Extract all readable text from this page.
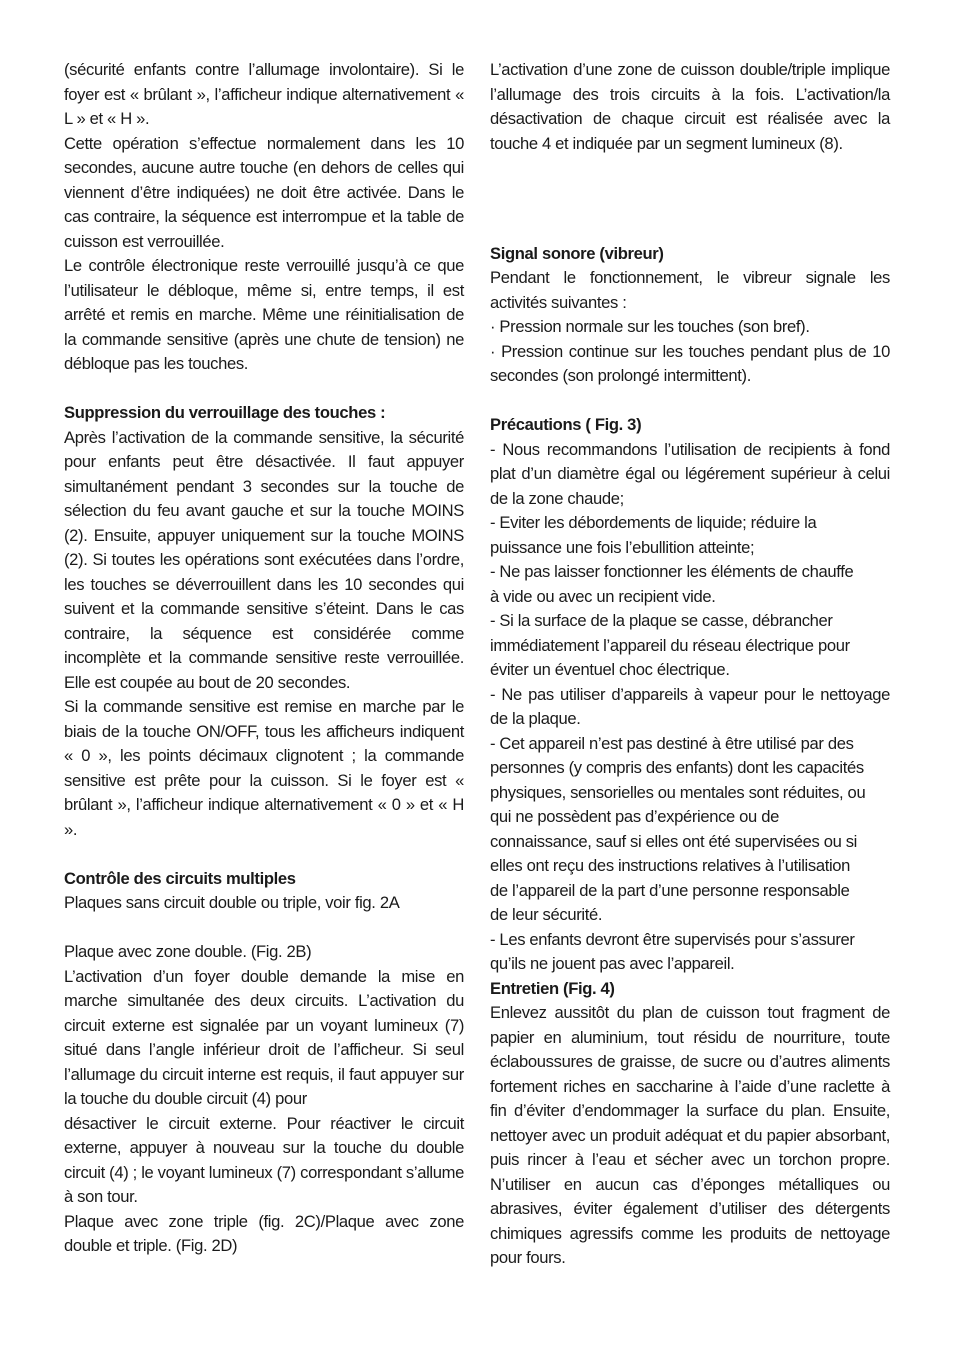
(sécurité enfants contre l’allumage involontaire). Si le foyer est « brûlant », l’afficheur indique alternativement « L » et « H ».

Cette opération s’effectue normalement dans les 10 secondes, aucune autre touche (en dehors de celles qui viennent d’être indiquées) ne doit être activée. Dans le cas contraire, la séquence est interrompue et la table de cuisson est verrouillée.

Le contrôle électronique reste verrouillé jusqu’à ce que l’utilisateur le débloque, même si, entre temps, il est arrêté et remis en marche. Même une réinitialisation de la commande sensitive (après une chute de tension) ne débloque pas les touches.

Suppression du verrouillage des touches :

Après l’activation de la commande sensitive, la sécurité pour enfants peut être désactivée. Il faut appuyer simultanément pendant 3 secondes sur la touche de sélection du feu avant gauche et sur la touche MOINS (2). Ensuite, appuyer uniquement sur la touche MOINS (2). Si toutes les opérations sont exécutées dans l’ordre, les touches se déverrouillent dans les 10 secondes qui suivent et la commande sensitive s’éteint. Dans le cas contraire, la séquence est considérée comme incomplète et la commande sensitive reste verrouillée. Elle est coupée au bout de 20 secondes.

Si la commande sensitive est remise en marche par le biais de la touche ON/OFF, tous les afficheurs indiquent « 0 », les points décimaux clignotent ; la commande sensitive est prête pour la cuisson. Si le foyer est « brûlant », l’afficheur indique alternativement « 0 » et « H ».

Contrôle des circuits multiples

Plaques sans circuit double ou triple, voir fig. 2A

Plaque avec zone double. (Fig. 2B)

L’activation d’un foyer double demande la mise en marche simultanée des deux circuits. L’activation du circuit externe est signalée par un voyant lumineux (7) situé dans l’angle inférieur droit de l’afficheur. Si seul l’allumage du circuit interne est requis, il faut appuyer sur la touche du double circuit (4) pour

désactiver le circuit externe. Pour réactiver le circuit externe, appuyer à nouveau sur la touche du double circuit (4) ; le voyant lumineux (7) correspondant s’allume à son tour.

Plaque avec zone triple (fig. 2C)/Plaque avec zone double et triple. (Fig. 2D)

L’activation d’une zone de cuisson double/triple implique l’allumage des trois circuits à la fois. L’activation/la désactivation de chaque circuit est réalisée avec la touche 4 et indiquée par un segment lumineux (8).

Signal sonore (vibreur)

Pendant le fonctionnement, le vibreur signale les activités suivantes :

· Pression normale sur les touches (son bref).

· Pression continue sur les touches pendant plus de 10 secondes (son prolongé intermittent).

Précautions ( Fig. 3)

- Nous recommandons l’utilisation de recipients à fond plat d’un diamètre égal ou légérement supérieur à celui de la zone chaude;

- Eviter les débordements de liquide; réduire la

puissance une fois l’ebullition atteinte;

- Ne pas laisser fonctionner les éléments de chauffe

à vide ou avec un recipient vide.

- Si la surface de la plaque se casse, débrancher

immédiatement l’appareil du réseau électrique pour

éviter un éventuel choc électrique.

- Ne pas utiliser d’appareils à vapeur pour le nettoyage de la plaque.

- Cet appareil n’est pas destiné à être utilisé par des

personnes (y compris des enfants) dont les capacités

physiques, sensorielles ou mentales sont réduites, ou

qui ne possèdent pas d’expérience ou de

connaissance, sauf si elles ont été supervisées ou si

elles ont reçu des instructions relatives à l’utilisation

de l’appareil de la part d’une personne responsable

de leur sécurité.

- Les enfants devront être supervisés pour s’assurer

qu’ils ne jouent pas avec l’appareil.

Entretien (Fig. 4)

Enlevez aussitôt du plan de cuisson tout fragment de papier en aluminium, tout résidu de nourriture, toute éclaboussures de graisse, de sucre ou d’autres aliments fortement riches en saccharine à l’aide d’une raclette à fin d’éviter d’endommager la surface du plan. Ensuite, nettoyer avec un produit adéquat et du papier absorbant, puis rincer à l’eau et sécher avec un torchon propre. N’utiliser en aucun cas d’éponges métalliques ou abrasives, éviter également d’utiliser des détergents chimiques agressifs comme les produits de nettoyage pour fours.
